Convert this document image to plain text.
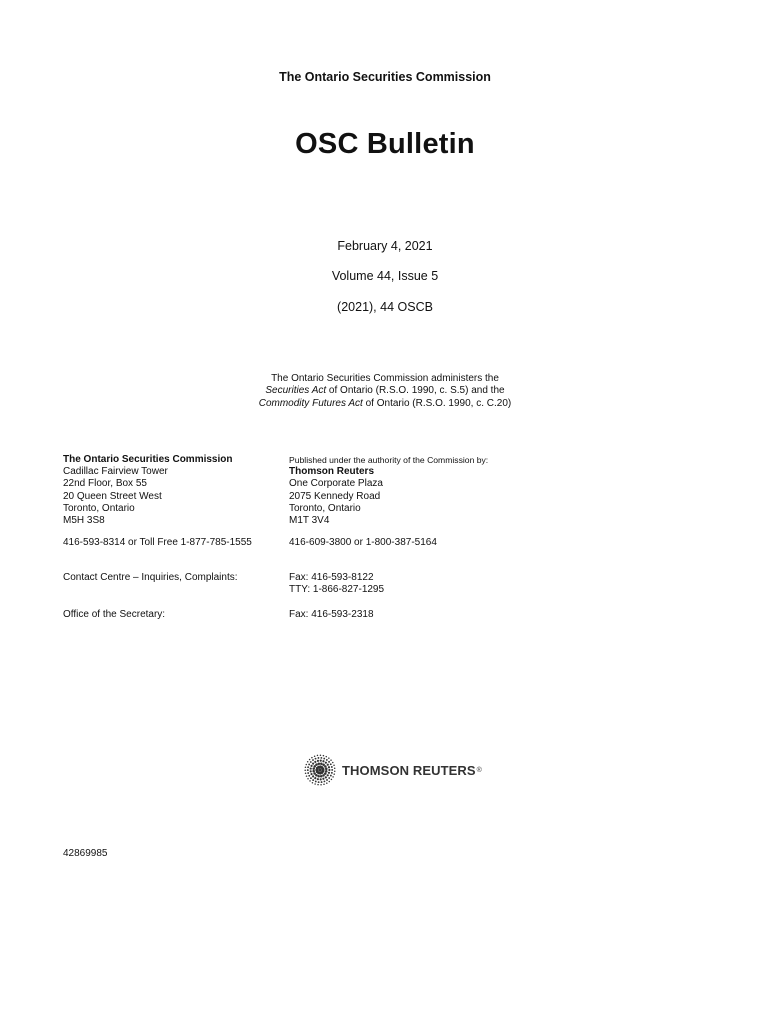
The Ontario Securities Commission
OSC Bulletin
February 4, 2021
Volume 44, Issue 5
(2021), 44 OSCB
The Ontario Securities Commission administers the
Securities Act of Ontario (R.S.O. 1990, c. S.5) and the
Commodity Futures Act of Ontario (R.S.O. 1990, c. C.20)
The Ontario Securities Commission
Cadillac Fairview Tower
22nd Floor, Box 55
20 Queen Street West
Toronto, Ontario
M5H 3S8
416-593-8314 or Toll Free 1-877-785-1555
Contact Centre – Inquiries, Complaints:
Office of the Secretary:
Published under the authority of the Commission by:
Thomson Reuters
One Corporate Plaza
2075 Kennedy Road
Toronto, Ontario
M1T 3V4
416-609-3800 or 1-800-387-5164
Fax: 416-593-8122
TTY: 1-866-827-1295
Fax: 416-593-2318
THOMSON REUTERS ®
42869985
